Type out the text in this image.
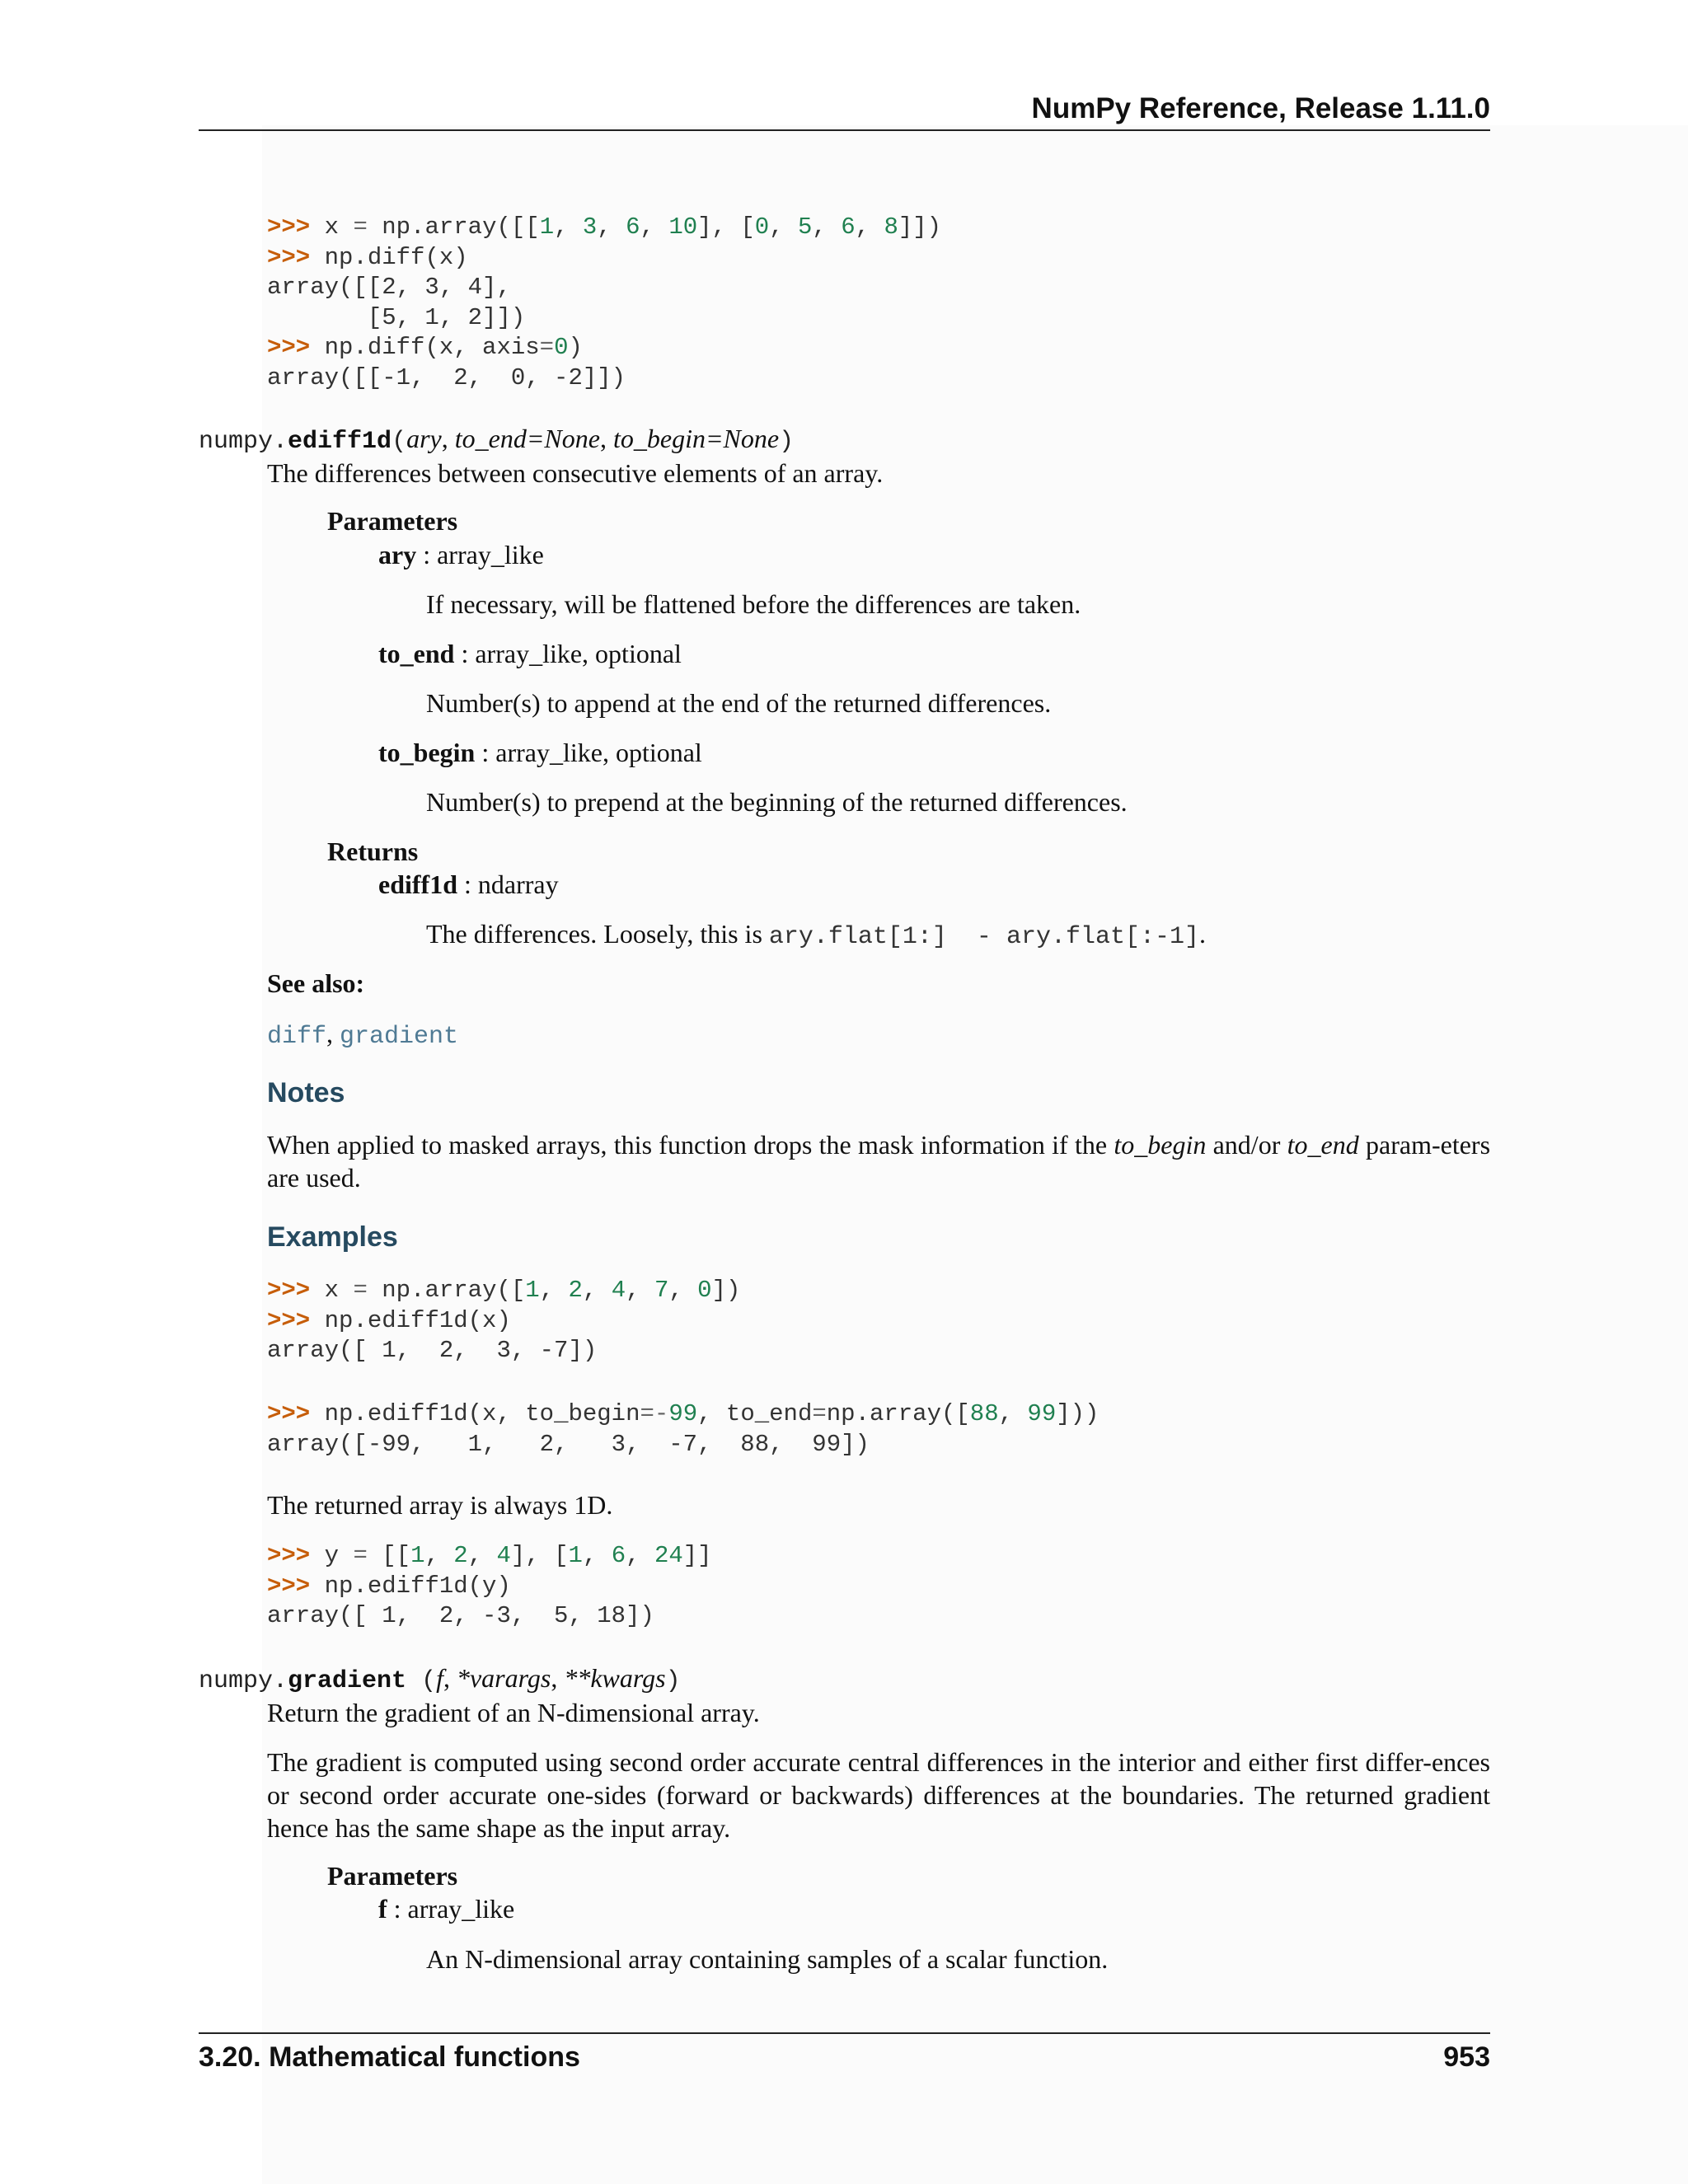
NumPy Reference, Release 1.11.0
>>> x = np.array([[1, 3, 6, 10], [0, 5, 6, 8]])
>>> np.diff(x)
array([[2, 3, 4],
[5, 1, 2]])
>>> np.diff(x, axis=0)
array([[-1,  2,  0, -2]])
numpy.ediff1d(ary, to_end=None, to_begin=None)
The differences between consecutive elements of an array.
Parameters
ary : array_like
If necessary, will be flattened before the differences are taken.
to_end : array_like, optional
Number(s) to append at the end of the returned differences.
to_begin : array_like, optional
Number(s) to prepend at the beginning of the returned differences.
Returns
ediff1d : ndarray
The differences. Loosely, this is ary.flat[1:]  - ary.flat[:-1].
See also:
diff, gradient
Notes
When applied to masked arrays, this function drops the mask information if the to_begin and/or to_end param-eters are used.
Examples
>>> x = np.array([1, 2, 4, 7, 0])
>>> np.ediff1d(x)
array([ 1,  2,  3, -7])
>>> np.ediff1d(x, to_begin=-99, to_end=np.array([88, 99]))
array([-99,   1,   2,   3,  -7,  88,  99])
The returned array is always 1D.
>>> y = [[1, 2, 4], [1, 6, 24]]
>>> np.ediff1d(y)
array([ 1,  2, -3,  5, 18])
numpy.gradient (f, *varargs, **kwargs)
Return the gradient of an N-dimensional array.
The gradient is computed using second order accurate central differences in the interior and either first differ-ences or second order accurate one-sides (forward or backwards) differences at the boundaries. The returned gradient hence has the same shape as the input array.
Parameters
f : array_like
An N-dimensional array containing samples of a scalar function.
3.20. Mathematical functions	953
